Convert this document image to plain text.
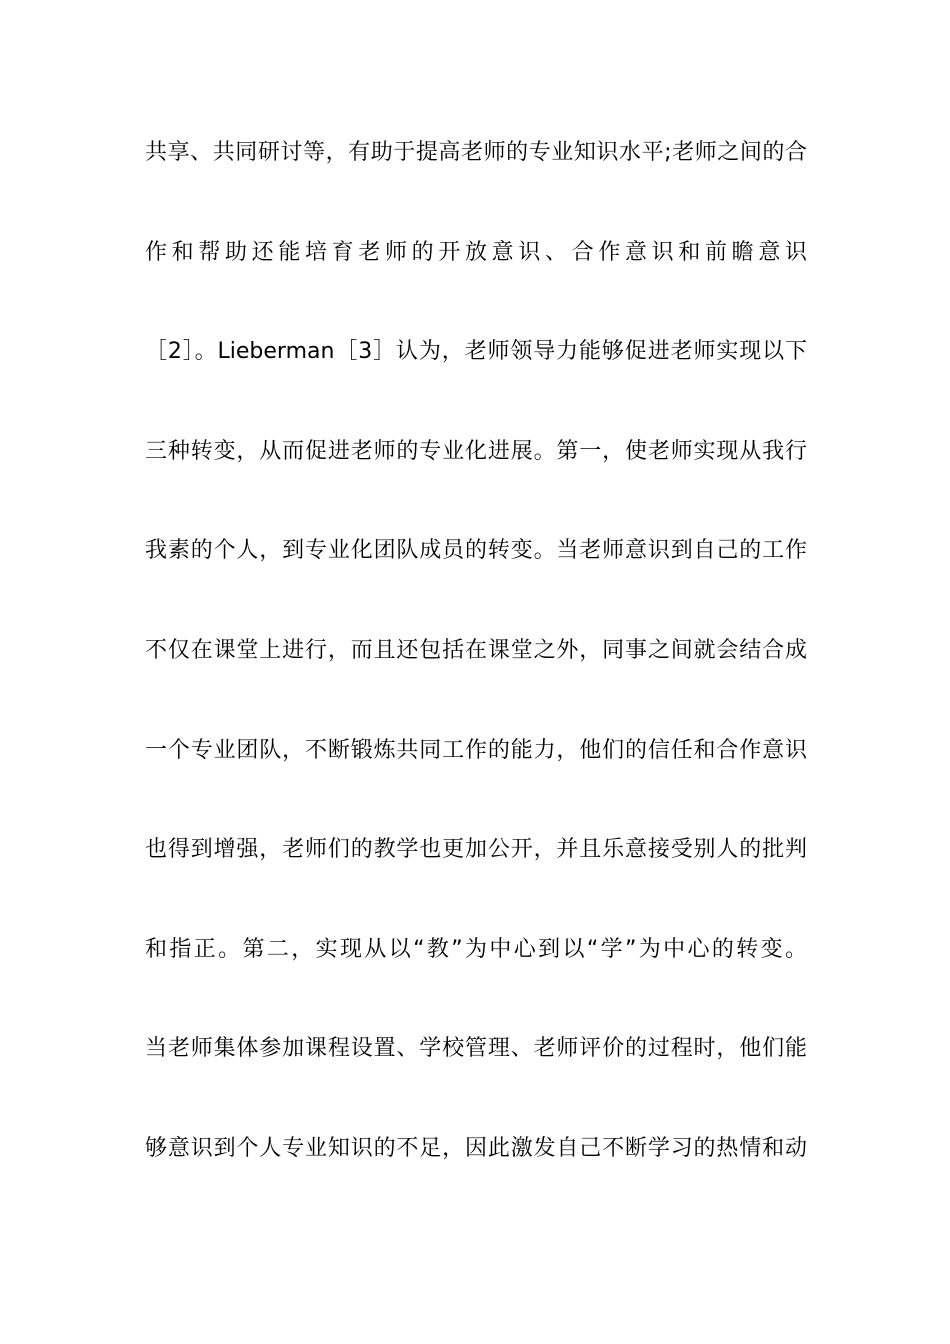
共享、共同研讨等，有助于提高老师的专业知识水平;老师之间的合
作和帮助还能培育老师的开放意识、合作意识和前瞻意识
［2］。Lieberman［3］认为，老师领导力能够促进老师实现以下
三种转变，从而促进老师的专业化进展。第一，使老师实现从我行
我素的个人，到专业化团队成员的转变。当老师意识到自己的工作
不仅在课堂上进行，而且还包括在课堂之外，同事之间就会结合成
一个专业团队，不断锻炼共同工作的能力，他们的信任和合作意识
也得到增强，老师们的教学也更加公开，并且乐意接受别人的批判
和指正。第二，实现从以“教”为中心到以“学”为中心的转变。
当老师集体参加课程设置、学校管理、老师评价的过程时，他们能
够意识到个人专业知识的不足，因此激发自己不断学习的热情和动
